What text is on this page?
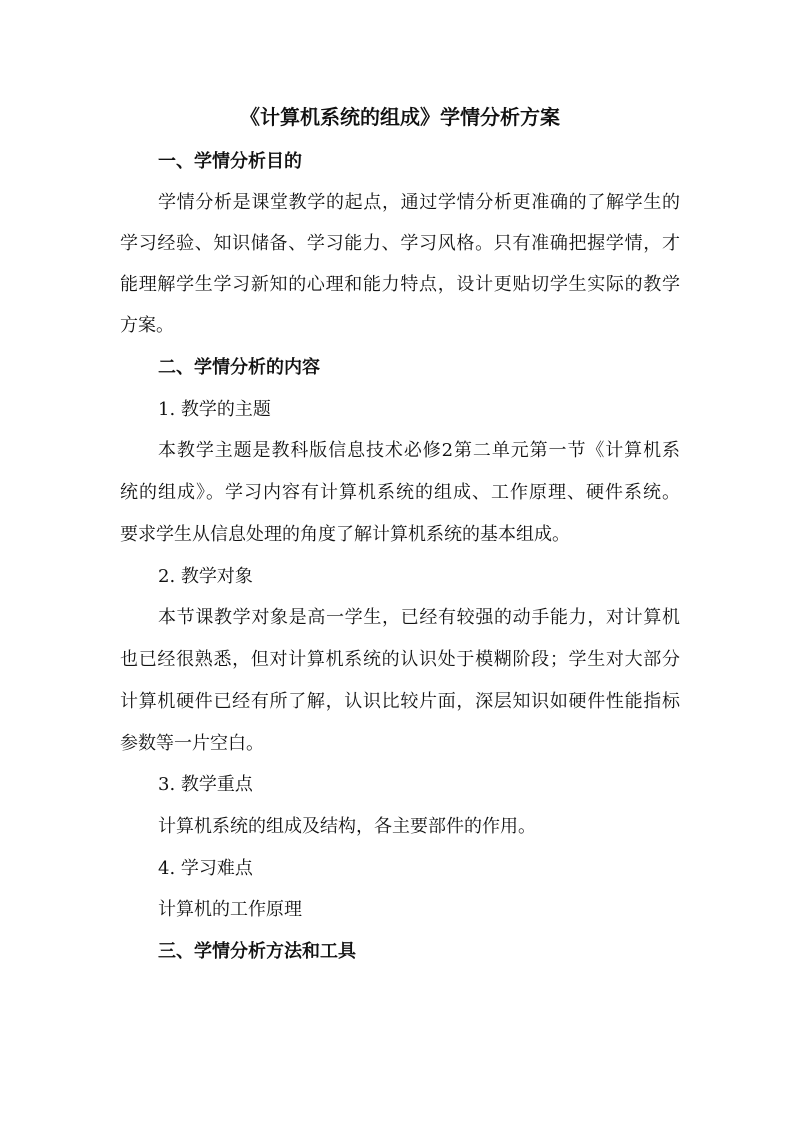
《计算机系统的组成》学情分析方案
一、学情分析目的
学情分析是课堂教学的起点，通过学情分析更准确的了解学生的
学习经验、知识储备、学习能力、学习风格。只有准确把握学情，才
能理解学生学习新知的心理和能力特点，设计更贴切学生实际的教学
方案。
二、学情分析的内容
1. 教学的主题
本教学主题是教科版信息技术必修2第二单元第一节《计算机系
统的组成》。学习内容有计算机系统的组成、工作原理、硬件系统。
要求学生从信息处理的角度了解计算机系统的基本组成。
2. 教学对象
本节课教学对象是高一学生，已经有较强的动手能力，对计算机
也已经很熟悉，但对计算机系统的认识处于模糊阶段；学生对大部分
计算机硬件已经有所了解，认识比较片面，深层知识如硬件性能指标
参数等一片空白。
3. 教学重点
计算机系统的组成及结构，各主要部件的作用。
4. 学习难点
计算机的工作原理
三、学情分析方法和工具
